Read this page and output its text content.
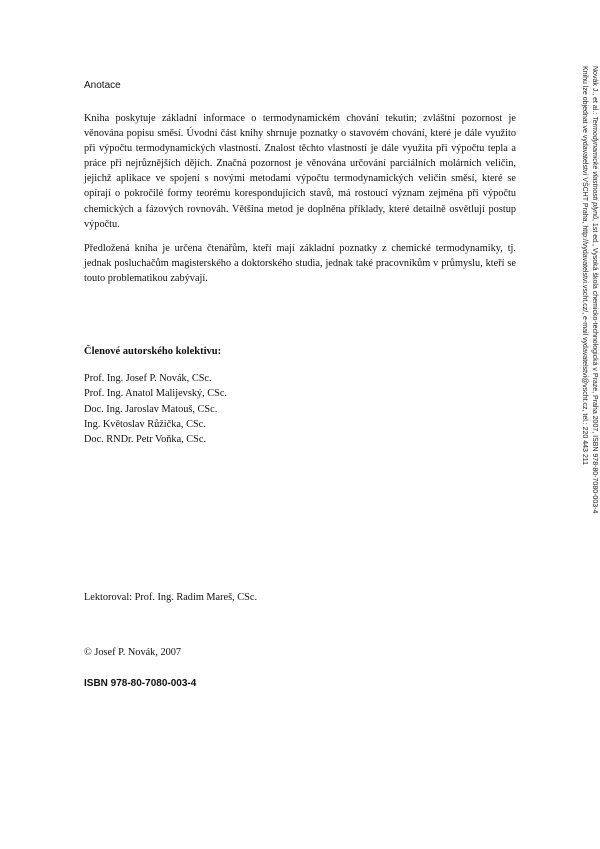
Anotace

Kniha poskytuje základní informace o termodynamickém chování tekutin; zvláštní pozornost je věnována popisu směsí. Úvodní část knihy shrnuje poznatky o stavovém chování, které je dále využito při výpočtu termodynamických vlastností. Znalost těchto vlastností je dále využita při výpočtu tepla a práce při nejrůznějších dějích. Značná pozornost je věnována určování parciálních molárních veličin, jejichž aplikace ve spojení s novými metodami výpočtu termodynamických veličin směsí, které se opírají o pokročilé formy teorému korespondujících stavů, má rostoucí význam zejména při výpočtu chemických a fázových rovnováh. Většina metod je doplněna příklady, které detailně osvětlují postup výpočtu.

Předložená kniha je určena čtenářům, kteří mají základní poznatky z chemické termodynamiky, tj. jednak posluchačům magisterského a doktorského studia, jednak také pracovníkům v průmyslu, kteří se touto problematikou zabývají.

Členové autorského kolektivu:
Prof. Ing. Josef P. Novák, CSc.
Prof. Ing. Anatol Malijevský, CSc.
Doc. Ing. Jaroslav Matouš, CSc.
Ing. Květoslav Růžička, CSc.
Doc. RNDr. Petr Voňka, CSc.
Lektoroval: Prof. Ing. Radim Mareš, CSc.
© Josef P. Novák, 2007
ISBN 978-80-7080-003-4
Novák J., et al.: Termodynamické vlastnosti plynů, 1st ed., Vysoká škola chemicko-technologická v Praze, Praha 2007, ISBN 978-80-7080-003-4
Knihu lze objednat ve vydavatelství VŠCHT Praha, http://vydavatelstvi.vscht.cz/, e-mail vydavatelstvi@vscht.cz, tel.: 220 443 211
